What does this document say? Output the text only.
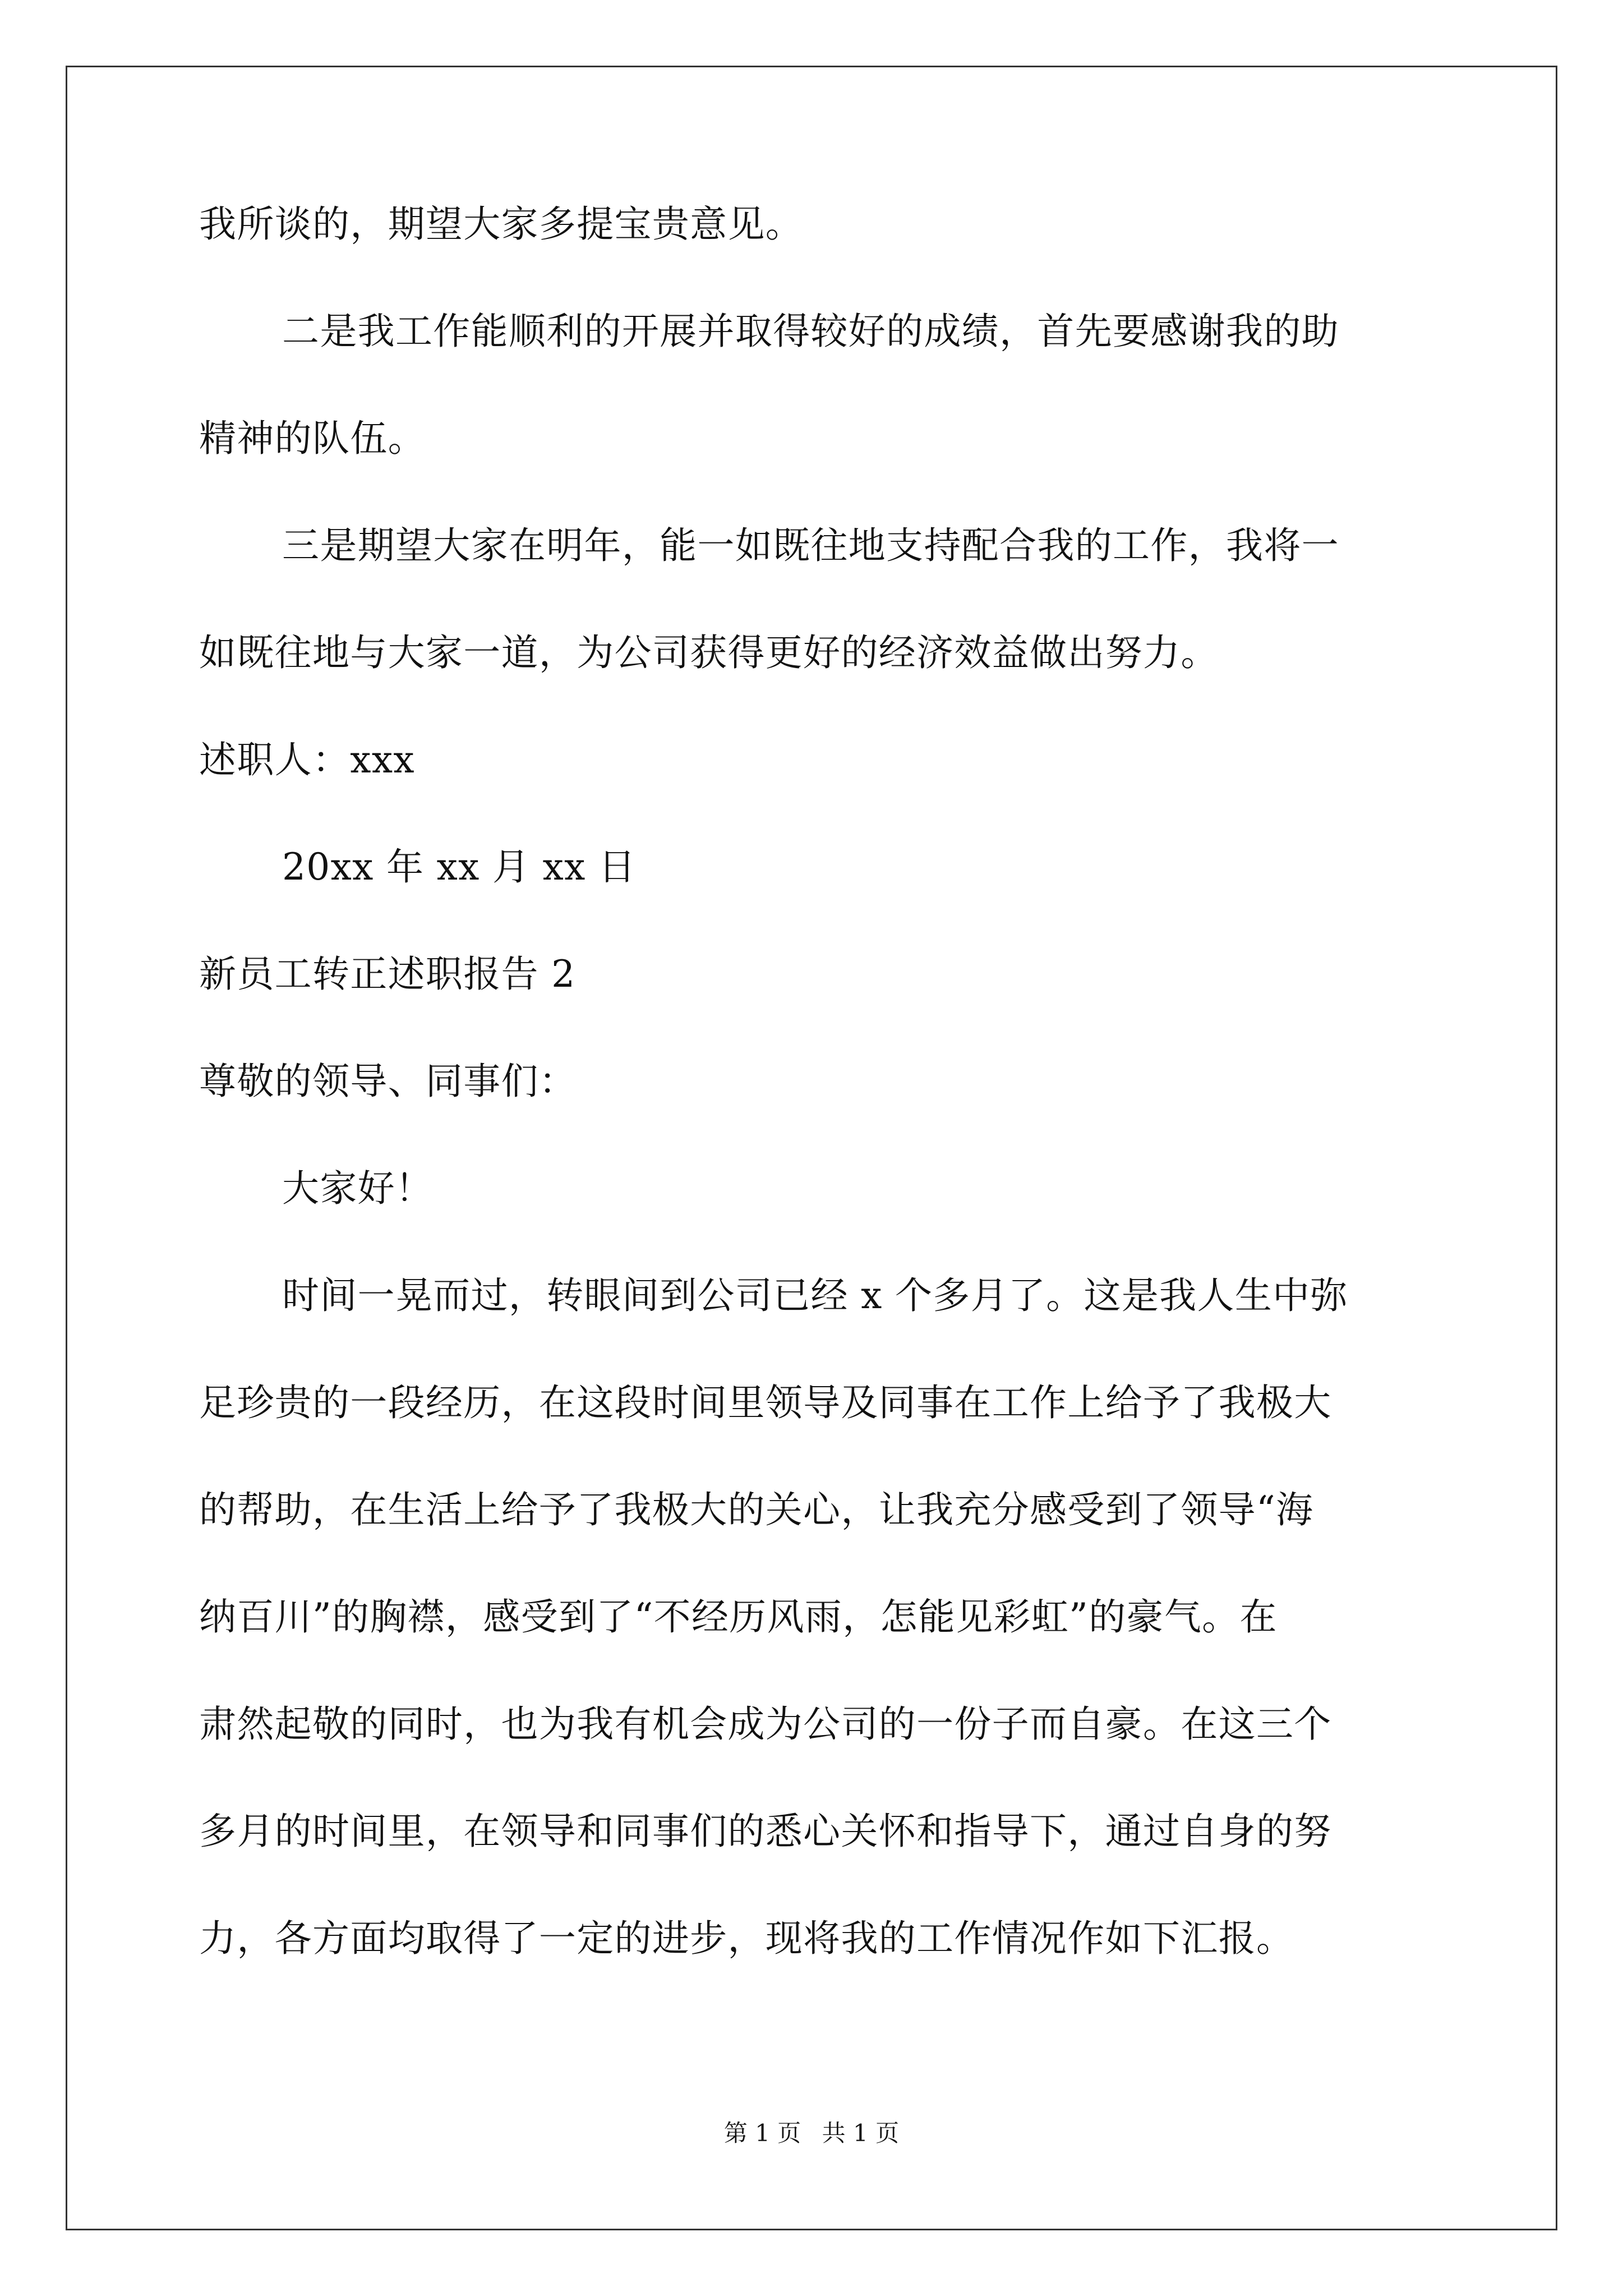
我所谈的，期望大家多提宝贵意见。
二是我工作能顺利的开展并取得较好的成绩，首先要感谢我的助
精神的队伍。
三是期望大家在明年，能一如既往地支持配合我的工作，我将一
如既往地与大家一道，为公司获得更好的经济效益做出努力。
述职人：xxx
20xx 年 xx 月 xx 日
新员工转正述职报告 2
尊敬的领导、同事们：
大家好！
时间一晃而过，转眼间到公司已经 x 个多月了。这是我人生中弥
足珍贵的一段经历，在这段时间里领导及同事在工作上给予了我极大
的帮助，在生活上给予了我极大的关心，让我充分感受到了领导“海
纳百川”的胸襟，感受到了“不经历风雨，怎能见彩虹”的豪气。在
肃然起敬的同时，也为我有机会成为公司的一份子而自豪。在这三个
多月的时间里，在领导和同事们的悉心关怀和指导下，通过自身的努
力，各方面均取得了一定的进步，现将我的工作情况作如下汇报。
第 1 页 共 1 页
